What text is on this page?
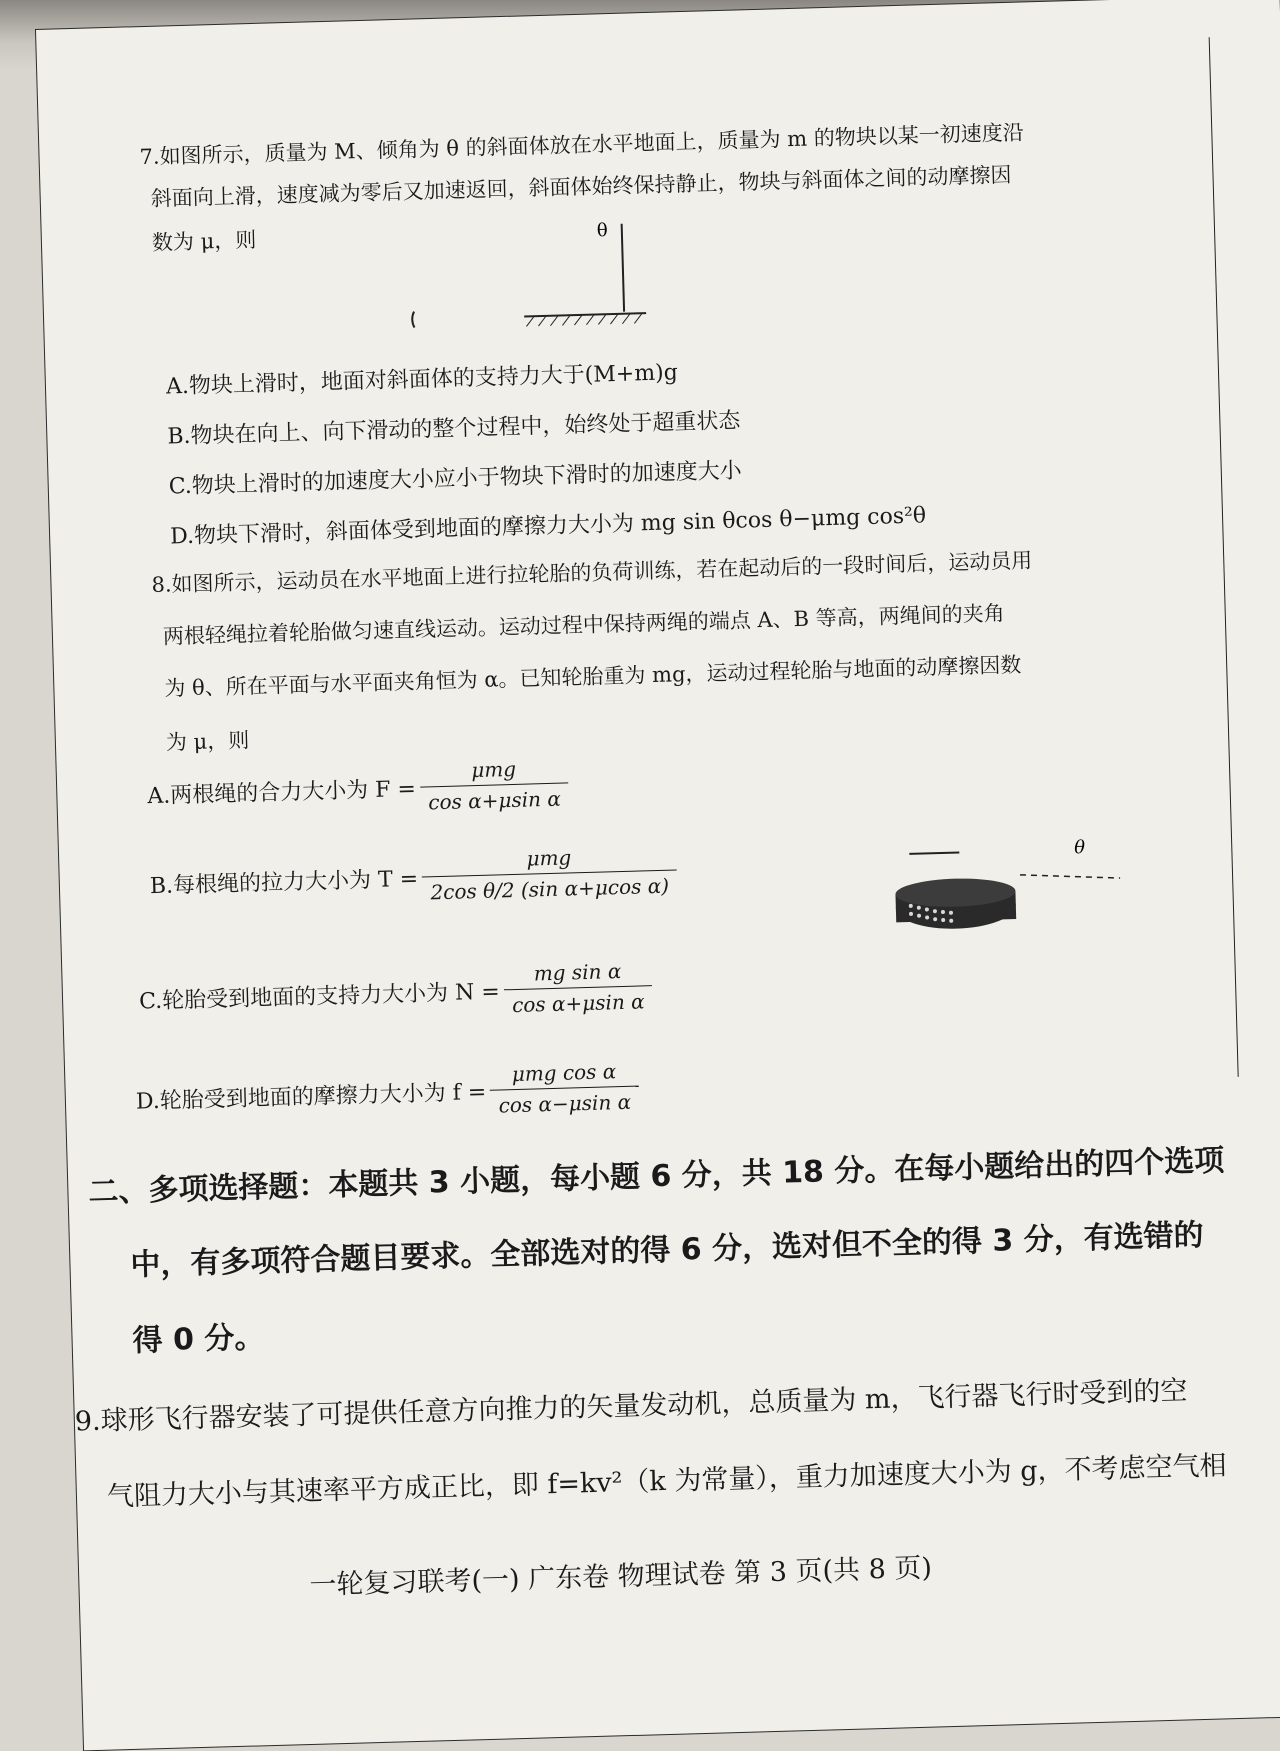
7.如图所示，质量为 M、倾角为 θ 的斜面体放在水平地面上，质量为 m 的物块以某一初速度沿
斜面向上滑，速度减为零后又加速返回，斜面体始终保持静止，物块与斜面体之间的动摩擦因
数为 μ，则	θ
A.物块上滑时，地面对斜面体的支持力大于(M+m)g
B.物块在向上、向下滑动的整个过程中，始终处于超重状态
C.物块上滑时的加速度大小应小于物块下滑时的加速度大小
D.物块下滑时，斜面体受到地面的摩擦力大小为 mg sin θcos θ−μmg cos²θ
8.如图所示，运动员在水平地面上进行拉轮胎的负荷训练，若在起动后的一段时间后，运动员用
两根轻绳拉着轮胎做匀速直线运动。运动过程中保持两绳的端点 A、B 等高，两绳间的夹角
为 θ、所在平面与水平面夹角恒为 α。已知轮胎重为 mg，运动过程轮胎与地面的动摩擦因数
为 μ，则
A.两根绳的合力大小为 $F = \frac{\text{μmg}}{\text{cos α+μsin α}}$
B.每根绳的拉力大小为 $T = \frac{\text{μmg}}{\text{2cos θ/2 (sin α+μcos α)}}$
C.轮胎受到地面的支持力大小为 $N = \frac{\text{mg sin α}}{\text{cos α+μsin α}}$
D.轮胎受到地面的摩擦力大小为 $f = \frac{\text{μmg cos α}}{\text{cos α−μsin α}}$
θ
二、多项选择题：本题共 3 小题，每小题 6 分，共 18 分。在每小题给出的四个选项
中，有多项符合题目要求。全部选对的得 6 分，选对但不全的得 3 分，有选错的
得 0 分。
9.球形飞行器安装了可提供任意方向推力的矢量发动机，总质量为 m，飞行器飞行时受到的空
气阻力大小与其速率平方成正比，即 f=kv²（k 为常量），重力加速度大小为 g，不考虑空气相
一轮复习联考(一) 广东卷 物理试卷 第 3 页(共 8 页)
